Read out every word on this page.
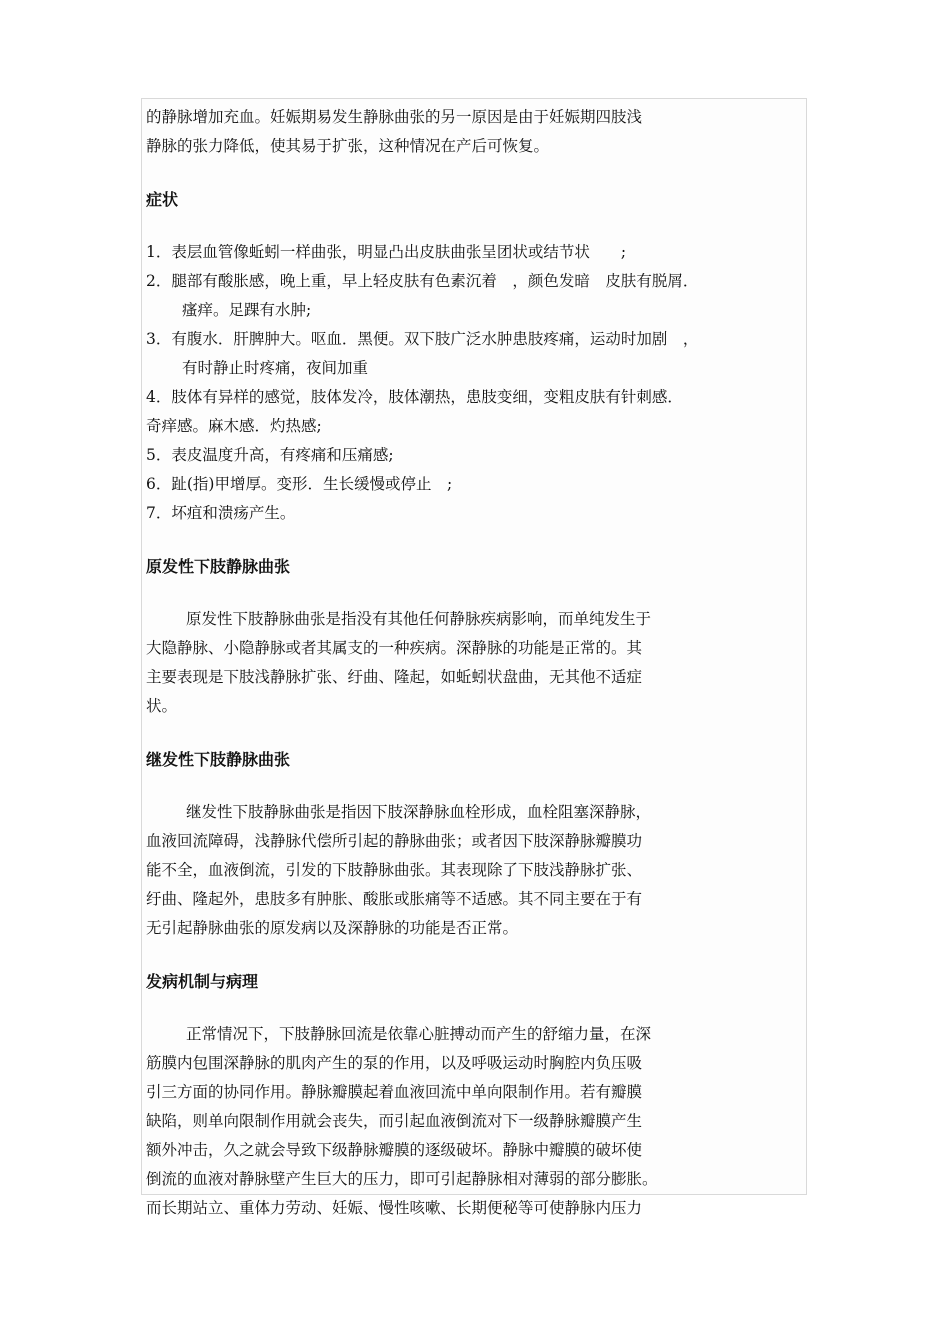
的静脉增加充血。妊娠期易发生静脉曲张的另一原因是由于妊娠期四肢浅

静脉的张力降低，使其易于扩张，这种情况在产后可恢复。

症状

1．表层血管像蚯蚓一样曲张，明显凸出皮肤曲张呈团状或结节状　　;

2．腿部有酸胀感，晚上重，早上轻皮肤有色素沉着　，颜色发暗　皮肤有脱屑．

瘙痒。足踝有水肿;

3．有腹水．肝脾肿大。呕血．黑便。双下肢广泛水肿患肢疼痛，运动时加剧　，

有时静止时疼痛，夜间加重

4．肢体有异样的感觉，肢体发冷，肢体潮热，患肢变细，变粗皮肤有针刺感．

奇痒感。麻木感．灼热感;

5．表皮温度升高，有疼痛和压痛感;

6．趾(指)甲增厚。变形．生长缓慢或停止　;

7．坏疽和溃疡产生。

原发性下肢静脉曲张

原发性下肢静脉曲张是指没有其他任何静脉疾病影响，而单纯发生于

大隐静脉、小隐静脉或者其属支的一种疾病。深静脉的功能是正常的。其

主要表现是下肢浅静脉扩张、纡曲、隆起，如蚯蚓状盘曲，无其他不适症

状。

继发性下肢静脉曲张

继发性下肢静脉曲张是指因下肢深静脉血栓形成，血栓阻塞深静脉，

血液回流障碍，浅静脉代偿所引起的静脉曲张；或者因下肢深静脉瓣膜功

能不全，血液倒流，引发的下肢静脉曲张。其表现除了下肢浅静脉扩张、

纡曲、隆起外，患肢多有肿胀、酸胀或胀痛等不适感。其不同主要在于有

无引起静脉曲张的原发病以及深静脉的功能是否正常。

发病机制与病理

正常情况下，下肢静脉回流是依靠心脏搏动而产生的舒缩力量，在深

筋膜内包围深静脉的肌肉产生的泵的作用，以及呼吸运动时胸腔内负压吸

引三方面的协同作用。静脉瓣膜起着血液回流中单向限制作用。若有瓣膜

缺陷，则单向限制作用就会丧失，而引起血液倒流对下一级静脉瓣膜产生

额外冲击，久之就会导致下级静脉瓣膜的逐级破坏。静脉中瓣膜的破坏使

倒流的血液对静脉壁产生巨大的压力，即可引起静脉相对薄弱的部分膨胀。

而长期站立、重体力劳动、妊娠、慢性咳嗽、长期便秘等可使静脉内压力
